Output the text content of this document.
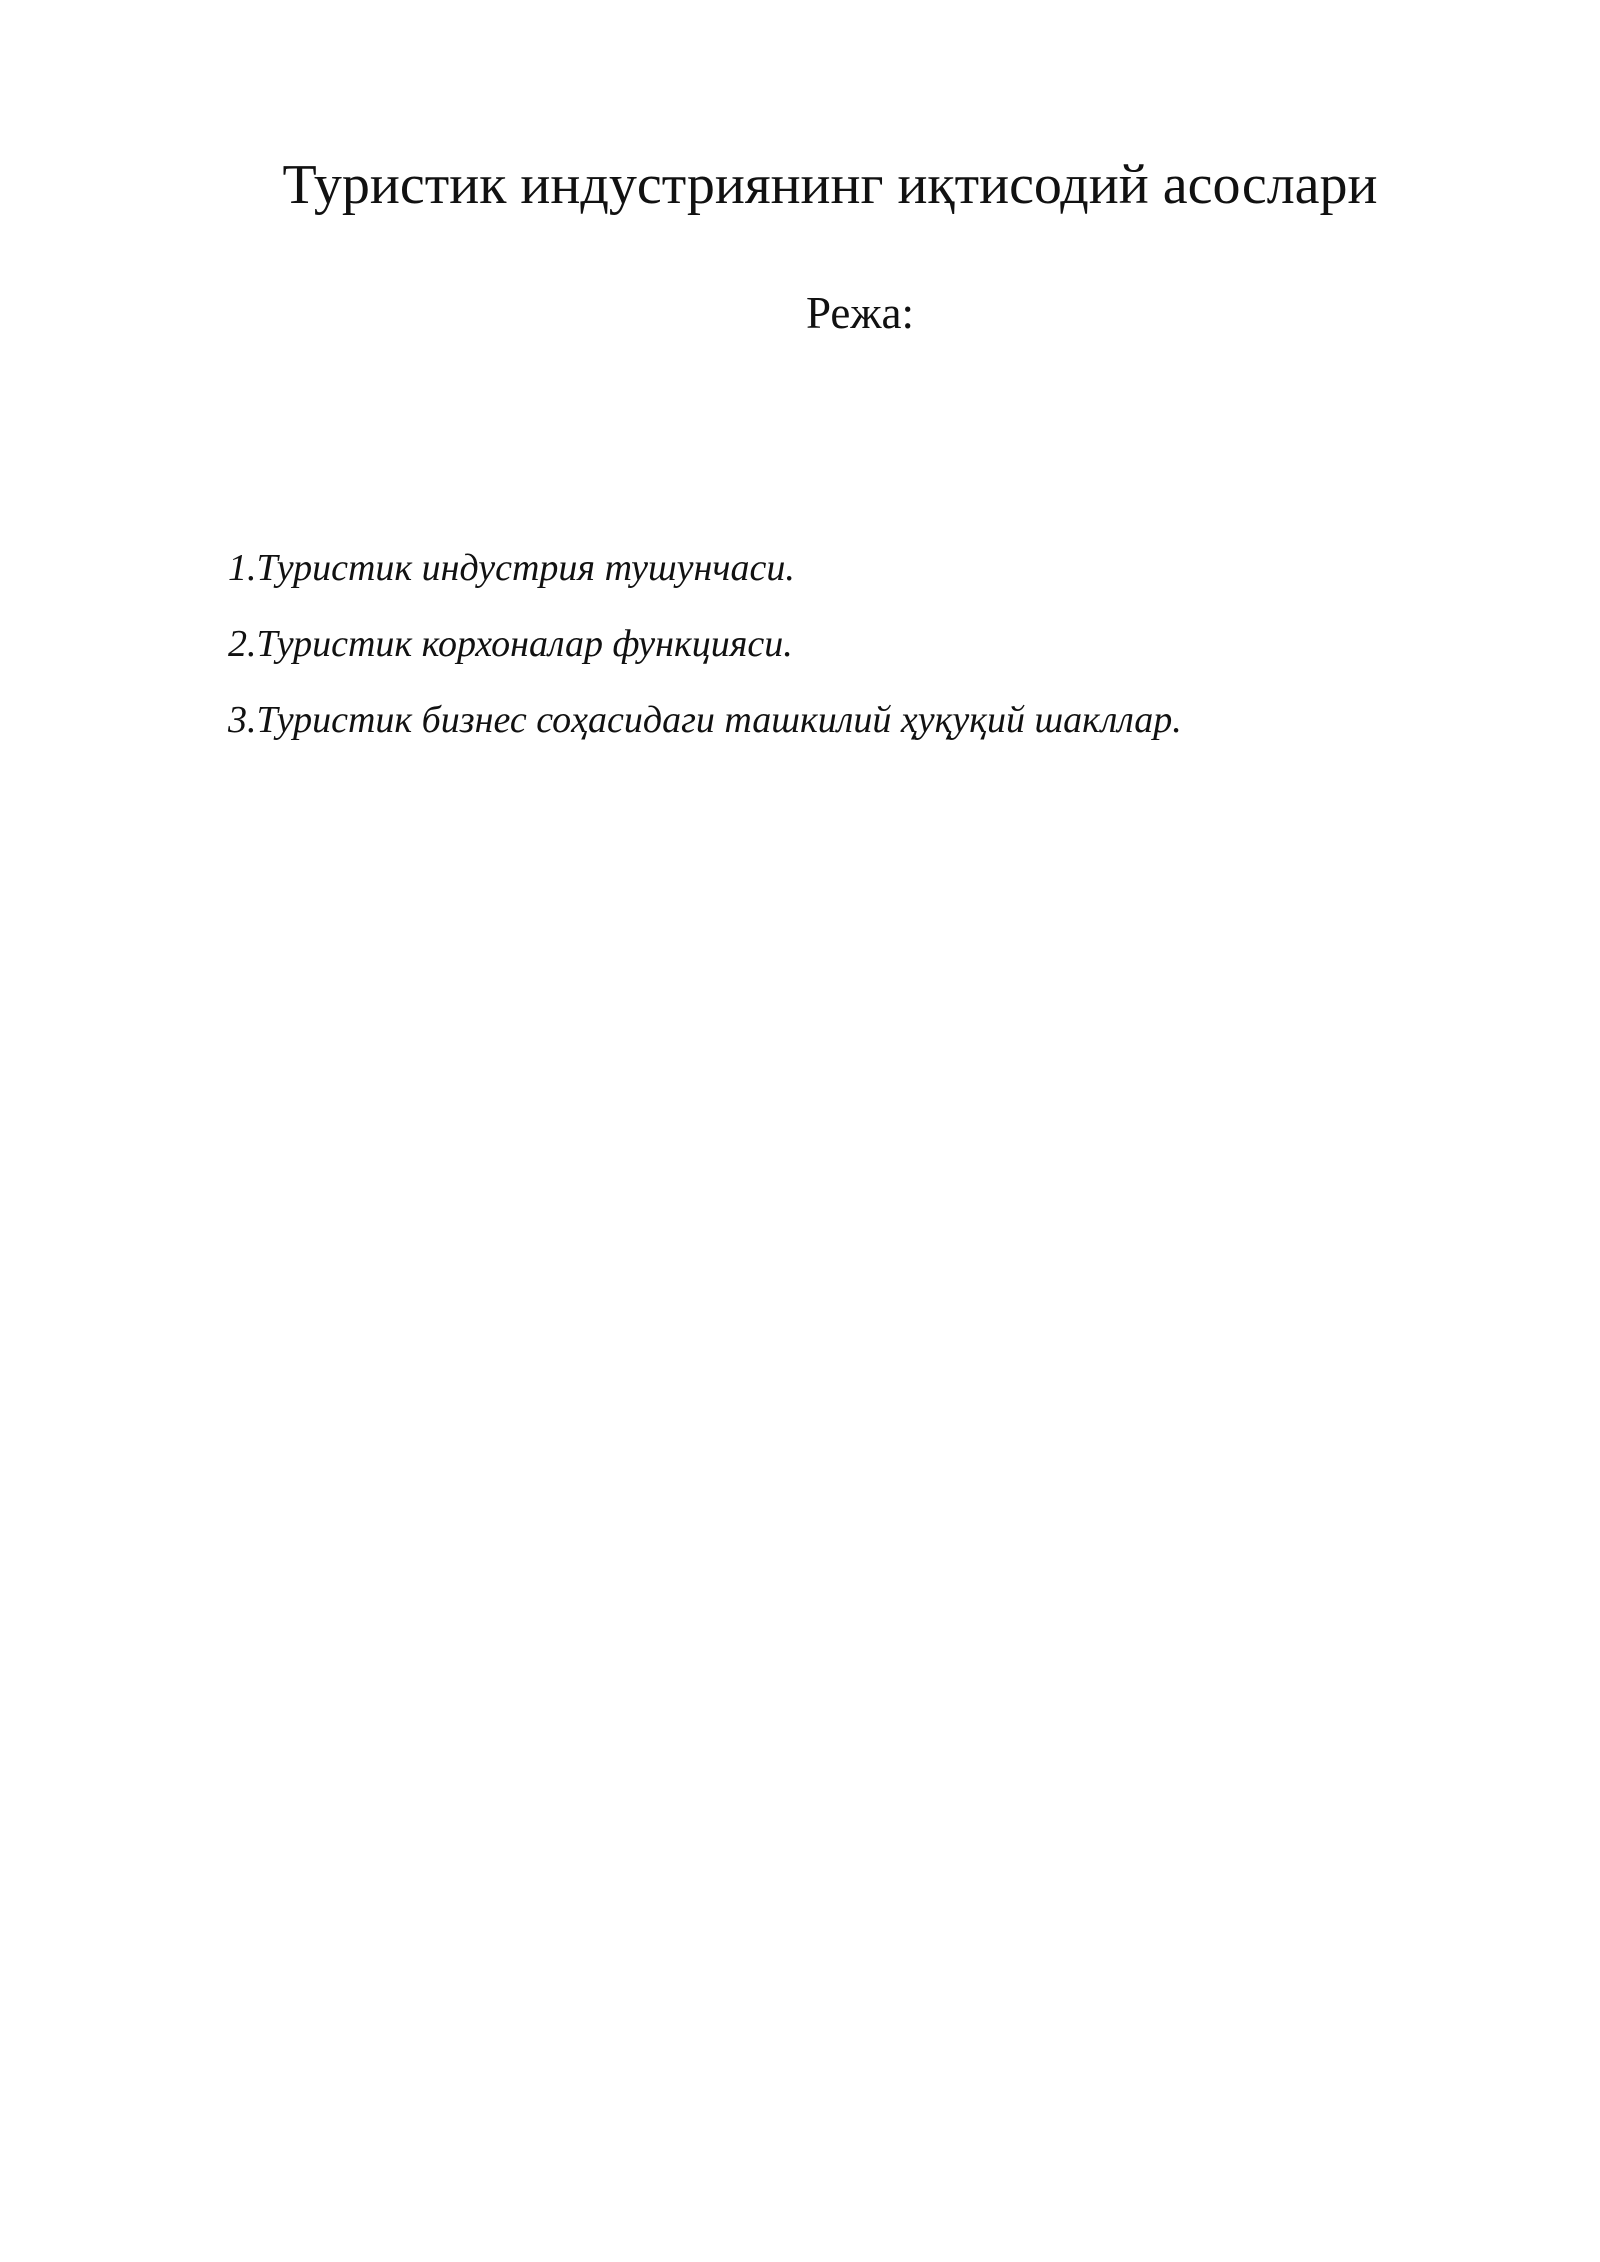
Туристик индустриянинг иқтисодий асослари

Режа:

1.Туристик индустрия тушунчаси.
2.Туристик корхоналар функцияси.
3.Туристик бизнес соҳасидаги ташкилий ҳуқуқий шакллар.
